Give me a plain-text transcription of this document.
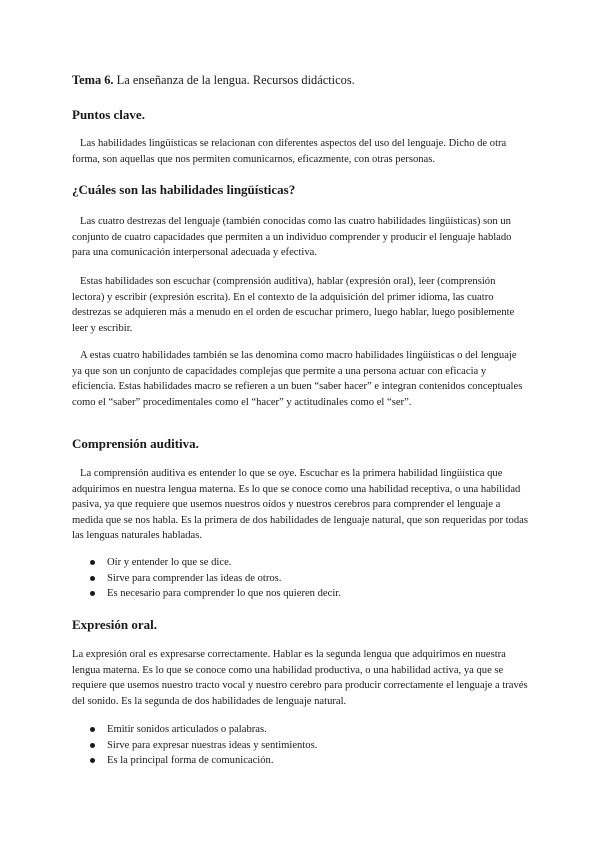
Tema 6. La enseñanza de la lengua. Recursos didácticos.
Puntos clave.

Las habilidades lingüísticas se relacionan con diferentes aspectos del uso del lenguaje. Dicho de otra forma, son aquellas que nos permiten comunicarnos, eficazmente, con otras personas.

¿Cuáles son las habilidades lingüísticas?

Las cuatro destrezas del lenguaje (también conocidas como las cuatro habilidades lingüísticas) son un conjunto de cuatro capacidades que permiten a un individuo comprender y producir el lenguaje hablado para una comunicación interpersonal adecuada y efectiva.

Estas habilidades son escuchar (comprensión auditiva), hablar (expresión oral), leer (comprensión lectora) y escribir (expresión escrita). En el contexto de la adquisición del primer idioma, las cuatro destrezas se adquieren más a menudo en el orden de escuchar primero, luego hablar, luego posiblemente leer y escribir.

A estas cuatro habilidades también se las denomina como macro habilidades lingüísticas o del lenguaje ya que son un conjunto de capacidades complejas que permite a una persona actuar con eficacia y eficiencia. Estas habilidades macro se refieren a un buen “saber hacer” e integran contenidos conceptuales como el “saber” procedimentales como el “hacer” y actitudinales como el “ser”.

Comprensión auditiva.

La comprensión auditiva es entender lo que se oye. Escuchar es la primera habilidad lingüística que adquirimos en nuestra lengua materna. Es lo que se conoce como una habilidad receptiva, o una habilidad pasiva, ya que requiere que usemos nuestros oídos y nuestros cerebros para comprender el lenguaje a medida que se nos habla. Es la primera de dos habilidades de lenguaje natural, que son requeridas por todas las lenguas naturales habladas.

Oír y entender lo que se dice.
Sirve para comprender las ideas de otros.
Es necesario para comprender lo que nos quieren decir.
Expresión oral.

La expresión oral es expresarse correctamente. Hablar es la segunda lengua que adquirimos en nuestra lengua materna. Es lo que se conoce como una habilidad productiva, o una habilidad activa, ya que se requiere que usemos nuestro tracto vocal y nuestro cerebro para producir correctamente el lenguaje a través del sonido. Es la segunda de dos habilidades de lenguaje natural.

Emitir sonidos articulados o palabras.
Sirve para expresar nuestras ideas y sentimientos.
Es la principal forma de comunicación.
